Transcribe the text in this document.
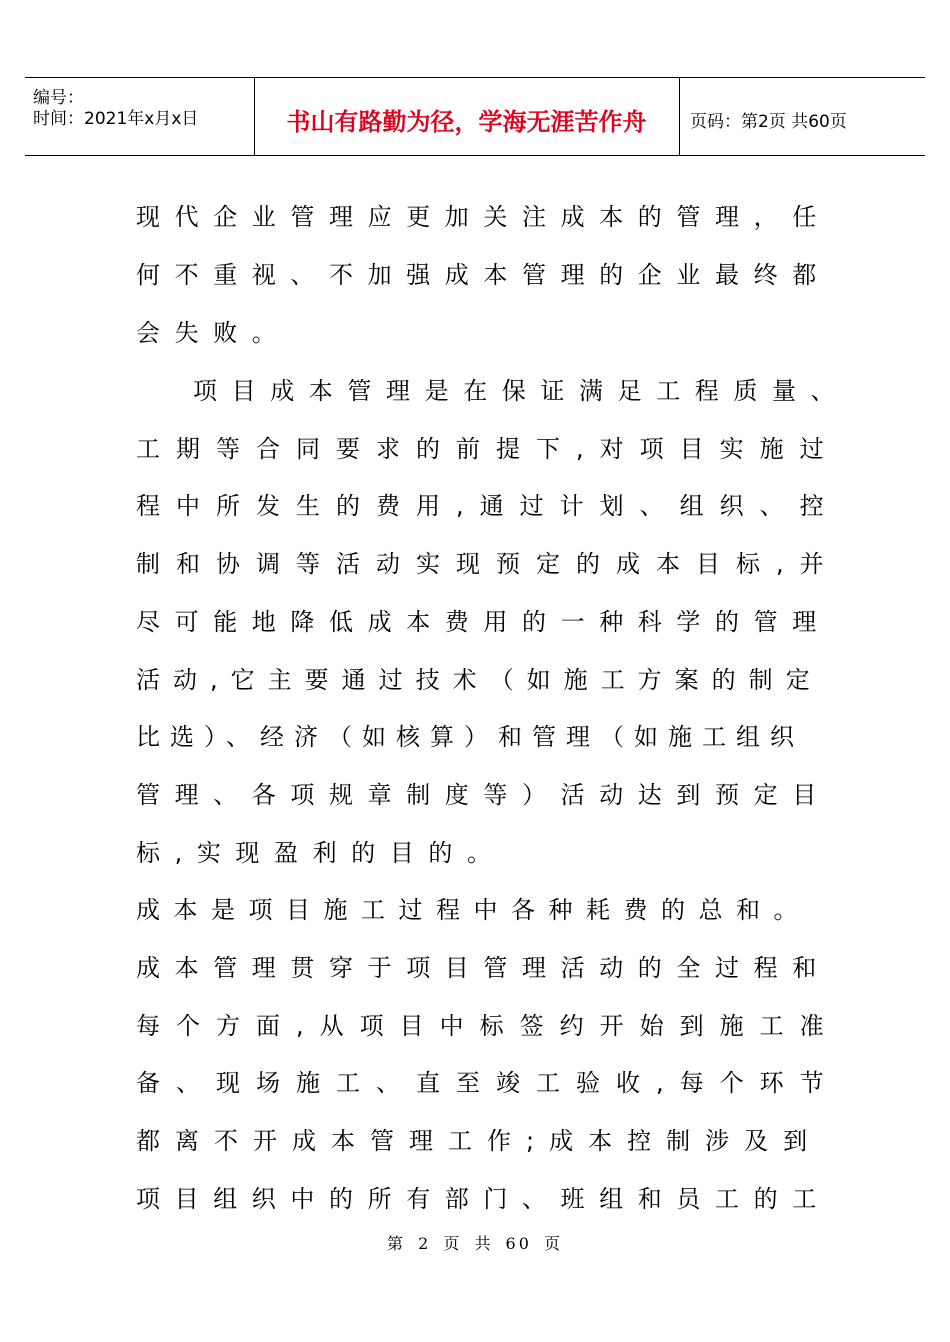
编号：
时间：2021年x月x日	书山有路勤为径，学海无涯苦作舟	页码：第2页 共60页
现代企业管理应更加关注成本的管理，任
何不重视、不加强成本管理的企业最终都
会失败。
项目成本管理是在保证满足工程质量、
工期等合同要求的前提下,对项目实施过
程中所发生的费用,通过计划、组织、控
制和协调等活动实现预定的成本目标,并
尽可能地降低成本费用的一种科学的管理
活动,它主要通过技术（如施工方案的制定
比选）、经济（如核算）和管理（如施工组织
管理、各项规章制度等）活动达到预定目
标,实现盈利的目的。
成本是项目施工过程中各种耗费的总和。
成本管理贯穿于项目管理活动的全过程和
每个方面,从项目中标签约开始到施工准
备、现场施工、直至竣工验收,每个环节
都离不开成本管理工作;成本控制涉及到
项目组织中的所有部门、班组和员工的工
第 2 页 共 60 页
